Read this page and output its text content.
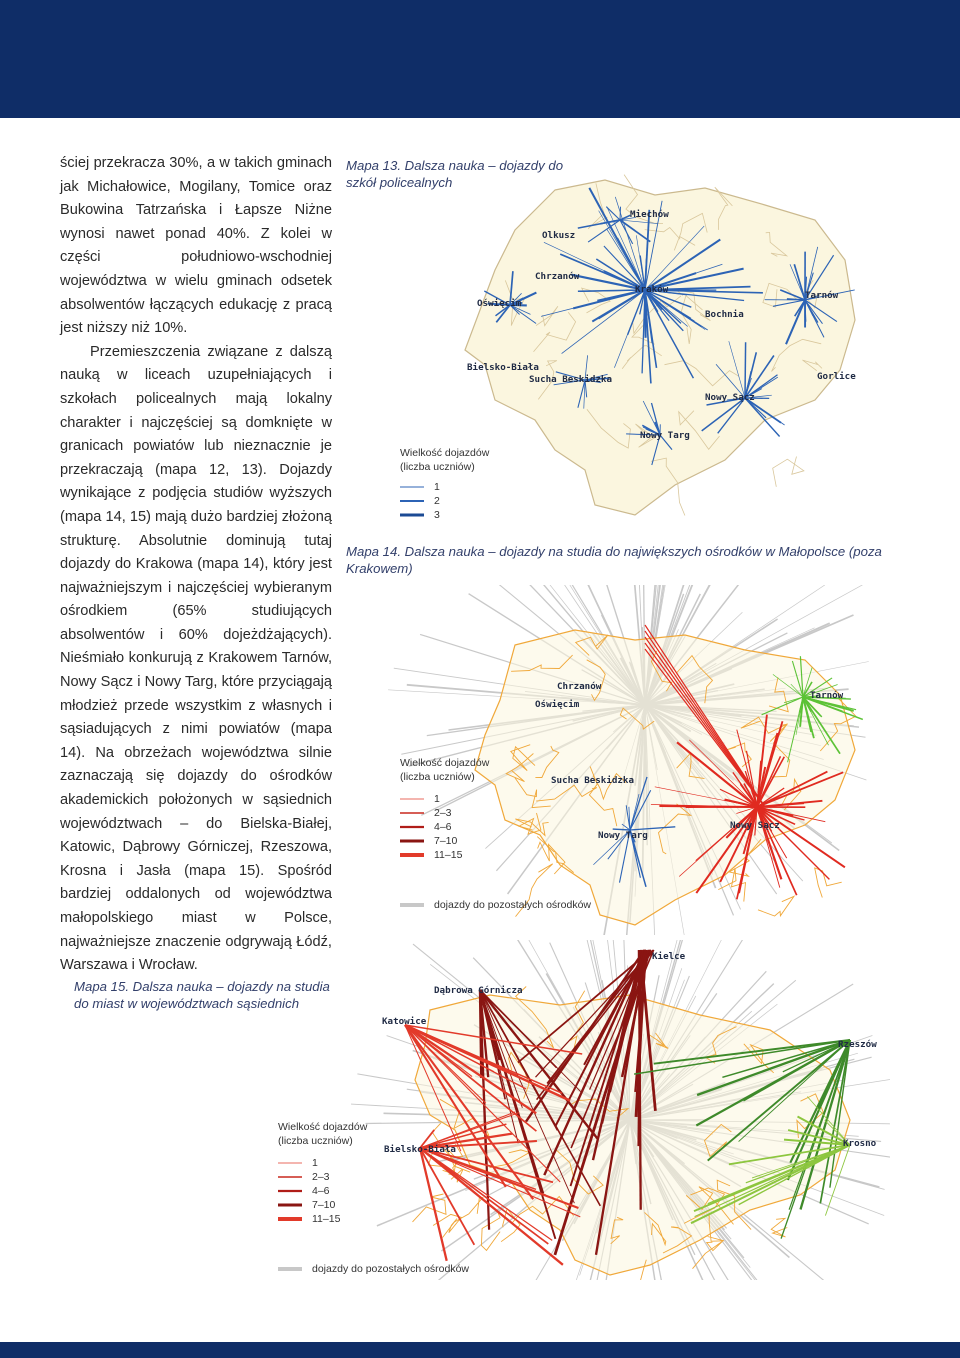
ściej przekracza 30%, a w takich gminach jak Michałowice, Mogilany, Tomice oraz Bukowina Tatrzańska i Łapsze Niżne wynosi nawet ponad 40%. Z kolei w części południowo-wschodniej województwa w wielu gminach odsetek absolwentów łączących edukację z pracą jest niższy niż 10%.

Przemieszczenia związane z dalszą nauką w liceach uzupełniających i szkołach policealnych mają lokalny charakter i najczęściej są domknięte w granicach powiatów lub nieznacznie je przekraczają (mapa 12, 13). Dojazdy wynikające z podjęcia studiów wyższych (mapa 14, 15) mają dużo bardziej złożoną strukturę. Absolutnie dominują tutaj dojazdy do Krakowa (mapa 14), który jest najważniejszym i najczęściej wybieranym ośrodkiem (65% studiujących absolwentów i 60% dojeżdżających). Nieśmiało konkurują z Krakowem Tarnów, Nowy Sącz i Nowy Targ, które przyciągają młodzież przede wszystkim z własnych i sąsiadujących z nimi powiatów (mapa 14). Na obrzeżach województwa silnie zaznaczają się dojazdy do ośrodków akademickich położonych w sąsiednich województwach – do Bielska-Białej, Katowic, Dąbrowy Górniczej, Rzeszowa, Krosna i Jasła (mapa 15). Spośród bardziej oddalonych od województwa małopolskiego miast w Polsce, najważniejsze znaczenie odgrywają Łódź, Warszawa i Wrocław.

Mapa 13. Dalsza nauka – dojazdy do szkół policealnych

Miechów
Olkusz
Chrzanów
Kraków
Tarnów
Oświęcim
Bochnia
Bielsko-Biała
Sucha Beskidzka	Gorlice
Nowy Sącz
Nowy Targ
Wielkość dojazdów
(liczba uczniów)
1
2
3

Mapa 14. Dalsza nauka – dojazdy na studia do największych ośrodków w Małopolsce (poza Krakowem)

Chrzanów
Tarnów
Oświęcim
Sucha Beskidzka
Nowy Targ
Nowy Sącz
Wielkość dojazdów
(liczba uczniów)
1
2–3
4–6
7–10
11–15
dojazdy do pozostałych ośrodków

Mapa 15. Dalsza nauka – dojazdy na studia do miast w województwach sąsiednich

Kielce
Dąbrowa Górnicza
Katowice
Rzeszów
Bielsko-Biała
Krosno
Wielkość dojazdów
(liczba uczniów)
1
2–3
4–6
7–10
11–15
dojazdy do pozostałych ośrodków
